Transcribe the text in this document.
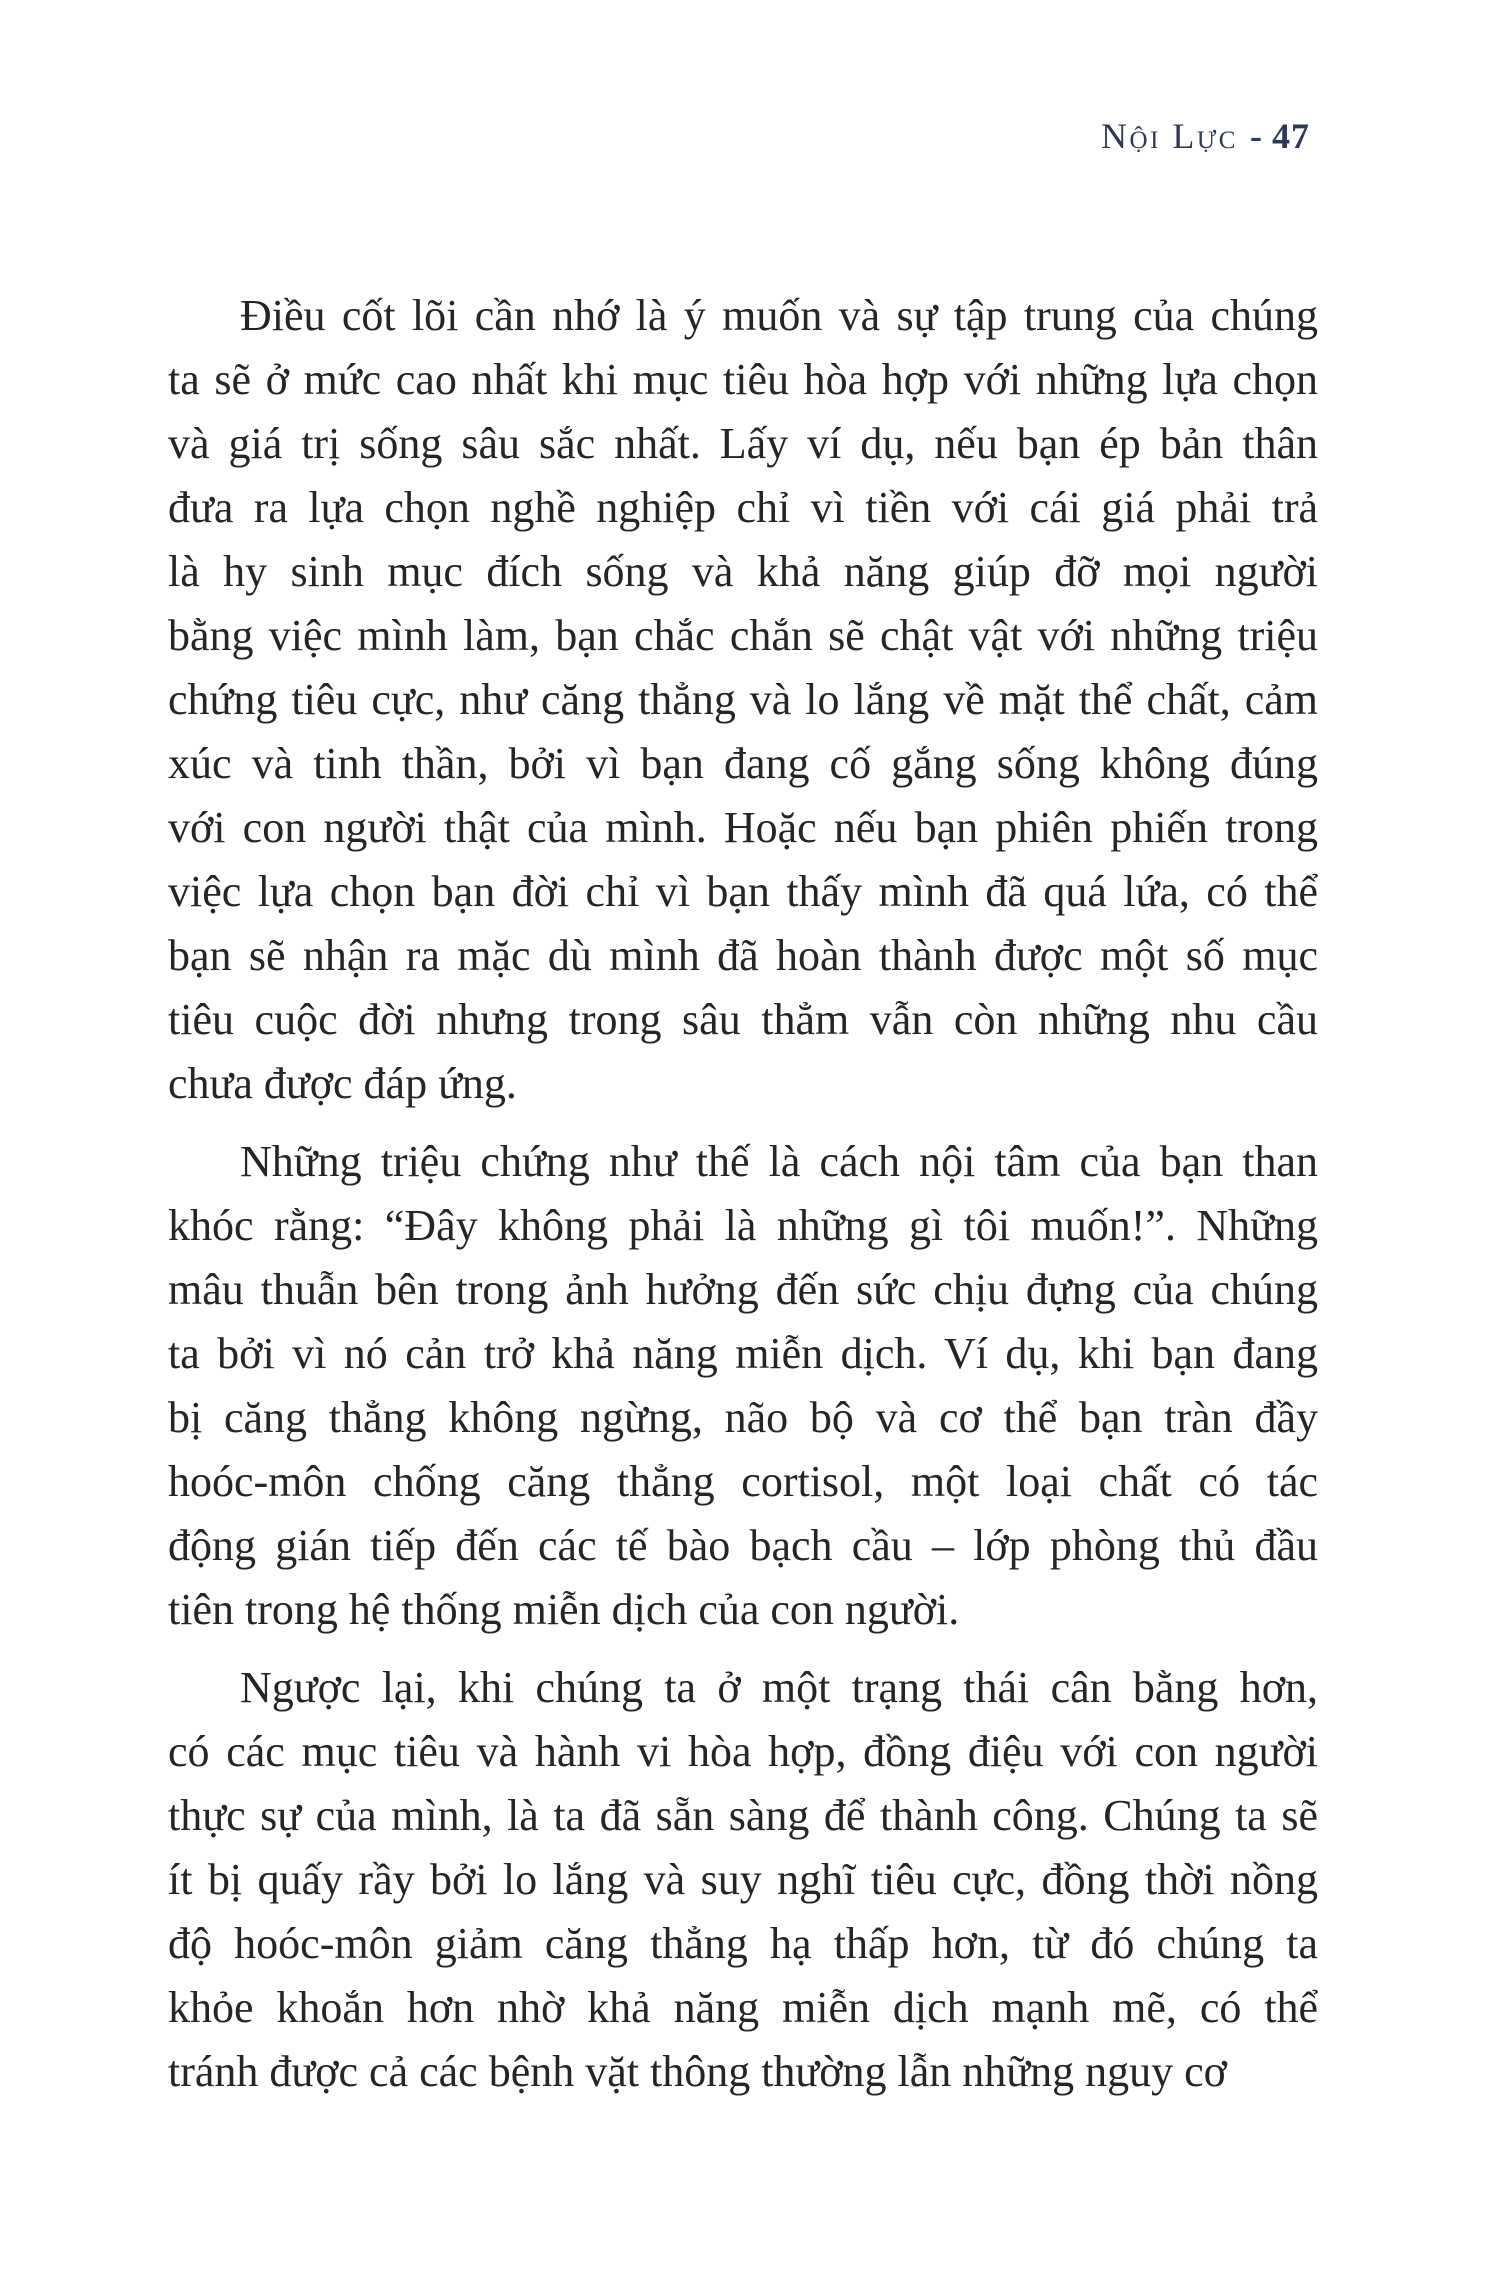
Nội Lực - 47

Điều cốt lõi cần nhớ là ý muốn và sự tập trung của chúng
ta sẽ ở mức cao nhất khi mục tiêu hòa hợp với những lựa chọn
và giá trị sống sâu sắc nhất. Lấy ví dụ, nếu bạn ép bản thân
đưa ra lựa chọn nghề nghiệp chỉ vì tiền với cái giá phải trả
là hy sinh mục đích sống và khả năng giúp đỡ mọi người
bằng việc mình làm, bạn chắc chắn sẽ chật vật với những triệu
chứng tiêu cực, như căng thẳng và lo lắng về mặt thể chất, cảm
xúc và tinh thần, bởi vì bạn đang cố gắng sống không đúng
với con người thật của mình. Hoặc nếu bạn phiên phiến trong
việc lựa chọn bạn đời chỉ vì bạn thấy mình đã quá lứa, có thể
bạn sẽ nhận ra mặc dù mình đã hoàn thành được một số mục
tiêu cuộc đời nhưng trong sâu thẳm vẫn còn những nhu cầu
chưa được đáp ứng.

Những triệu chứng như thế là cách nội tâm của bạn than
khóc rằng: “Đây không phải là những gì tôi muốn!”. Những
mâu thuẫn bên trong ảnh hưởng đến sức chịu đựng của chúng
ta bởi vì nó cản trở khả năng miễn dịch. Ví dụ, khi bạn đang
bị căng thẳng không ngừng, não bộ và cơ thể bạn tràn đầy
hoóc-môn chống căng thẳng cortisol, một loại chất có tác
động gián tiếp đến các tế bào bạch cầu – lớp phòng thủ đầu
tiên trong hệ thống miễn dịch của con người.

Ngược lại, khi chúng ta ở một trạng thái cân bằng hơn,
có các mục tiêu và hành vi hòa hợp, đồng điệu với con người
thực sự của mình, là ta đã sẵn sàng để thành công. Chúng ta sẽ
ít bị quấy rầy bởi lo lắng và suy nghĩ tiêu cực, đồng thời nồng
độ hoóc-môn giảm căng thẳng hạ thấp hơn, từ đó chúng ta
khỏe khoắn hơn nhờ khả năng miễn dịch mạnh mẽ, có thể
tránh được cả các bệnh vặt thông thường lẫn những nguy cơ
